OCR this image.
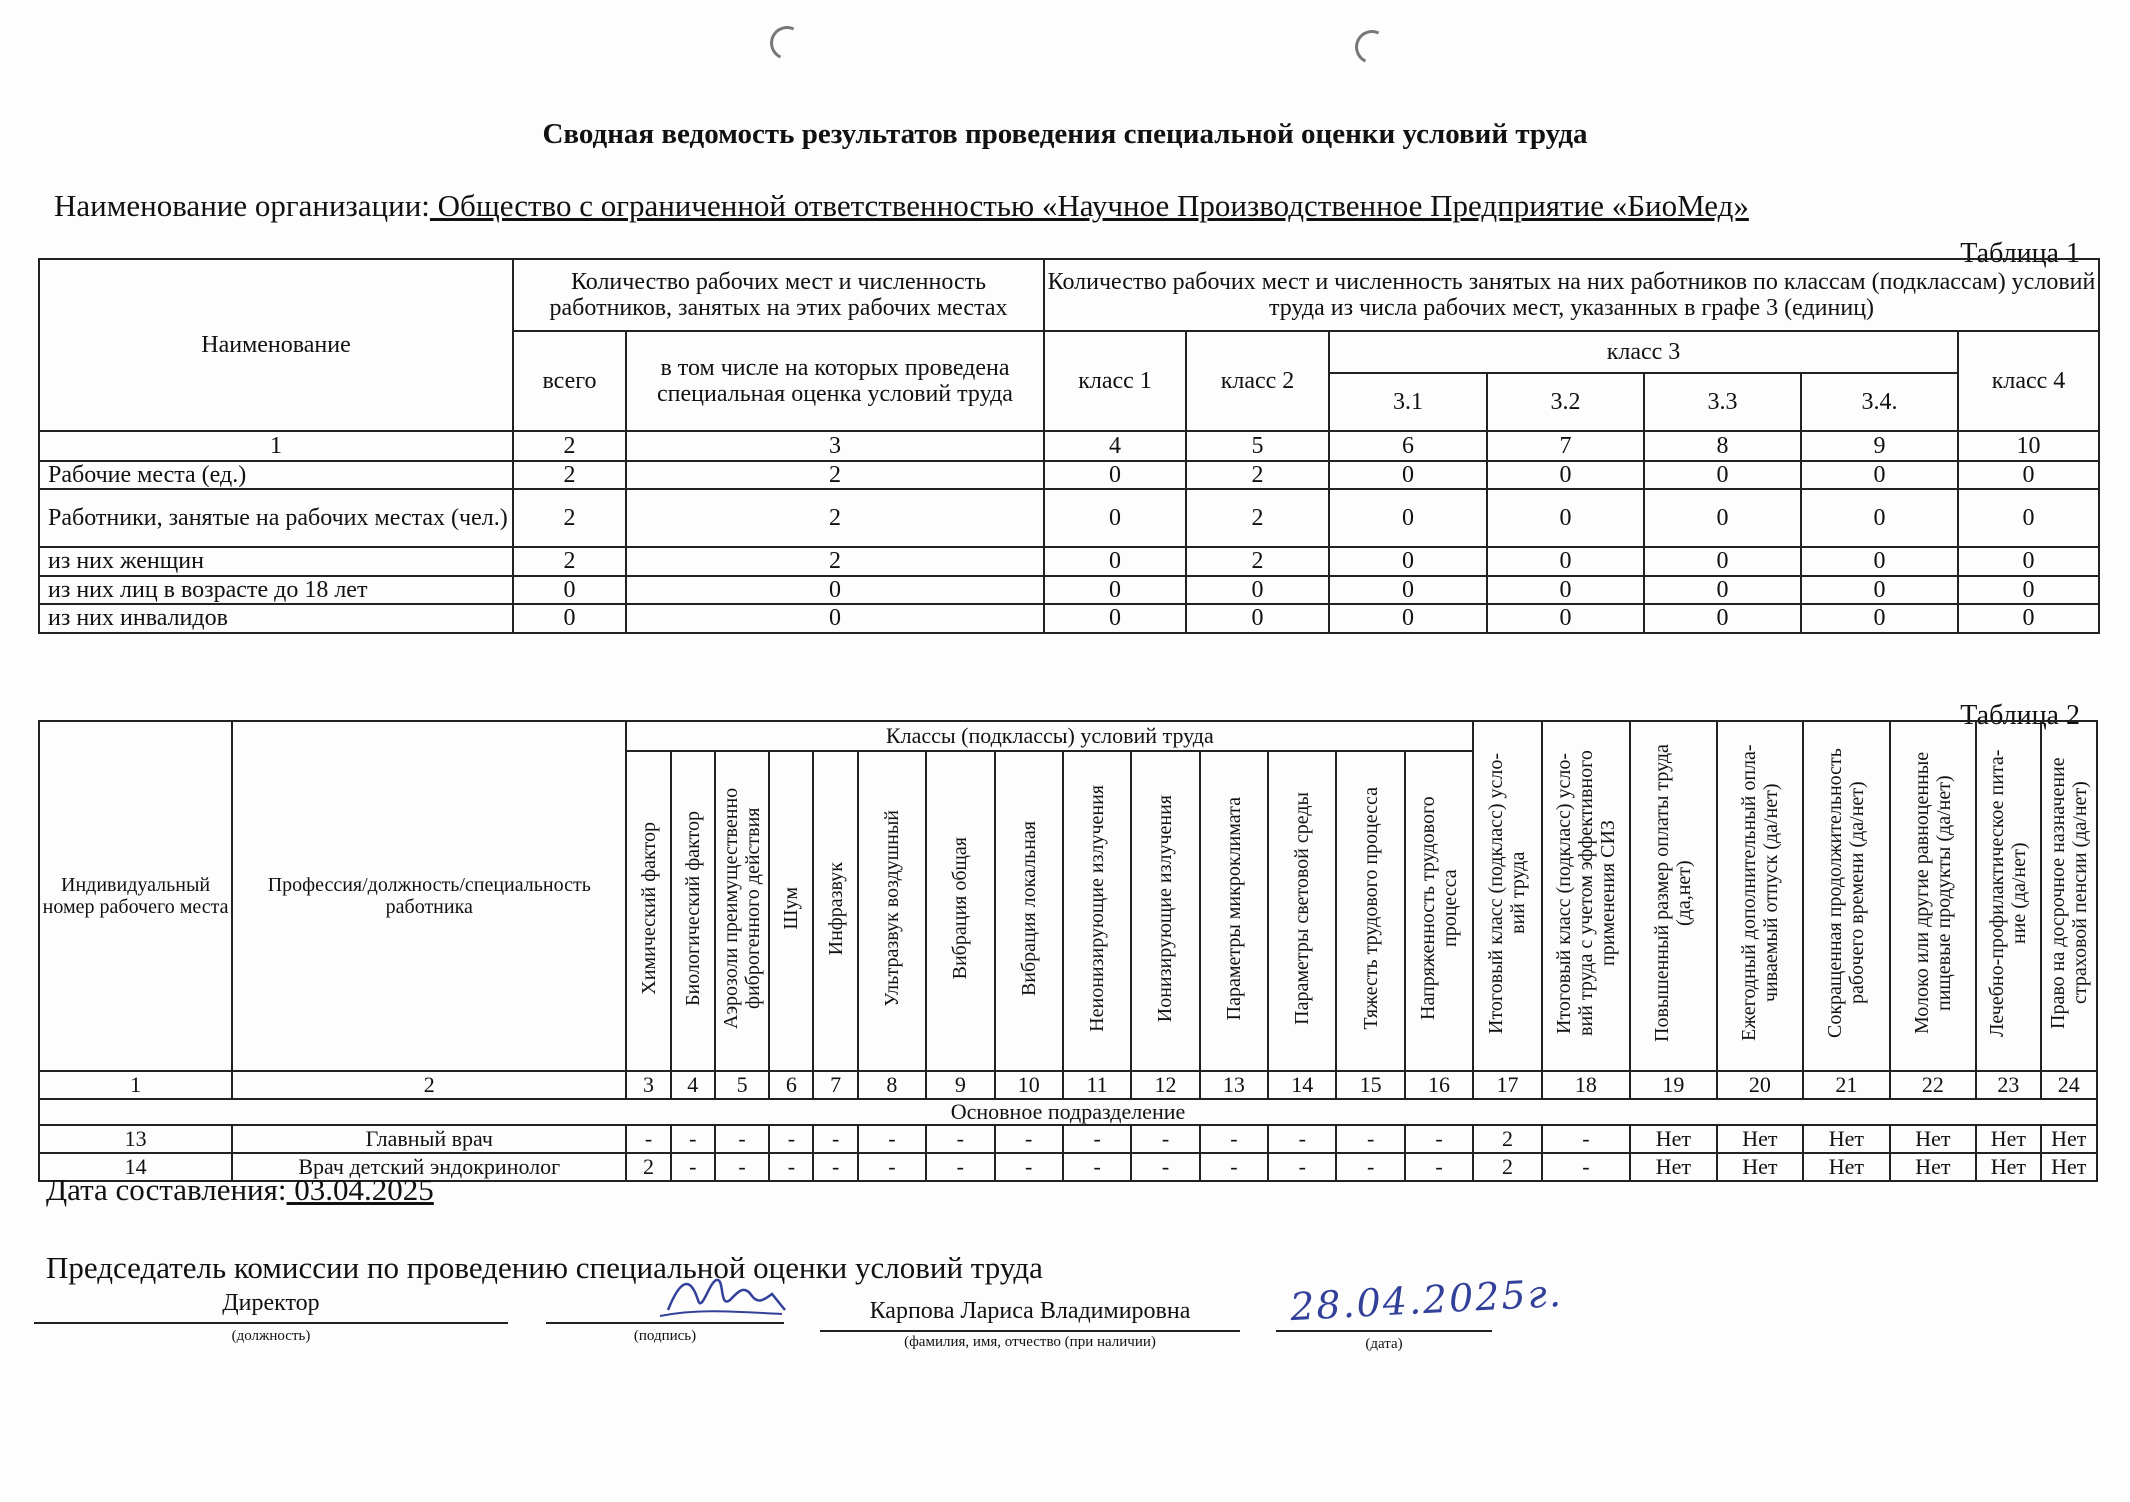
Сводная ведомость результатов проведения специальной оценки условий труда
Наименование организации: Общество с ограниченной ответственностью «Научное Производственное Предприятие «БиоМед»
Таблица 1
Наименование	Количество рабочих мест и численность работников, занятых на этих рабочих местах		Количество рабочих мест и численность занятых на них работников по классам (подклассам) условий труда из числа рабочих мест, указанных в графе 3 (единиц)						
	всего	в том числе на которых проведена специальная оценка условий труда	класс 1	класс 2	класс 3				класс 4
					3.1	3.2	3.3	3.4.	
1	2	3	4	5	6	7	8	9	10
Рабочие места (ед.)	2	2	0	2	0	0	0	0	0
Работники, занятые на рабочих местах (чел.)	2	2	0	2	0	0	0	0	0
из них женщин	2	2	0	2	0	0	0	0	0
из них лиц в возрасте до 18 лет	0	0	0	0	0	0	0	0	0
из них инвалидов	0	0	0	0	0	0	0	0	0
Таблица 2
Индивидуальный номер рабочего места	Профессия/должность/специальность работника	Классы (подклассы) условий труда														Итоговый класс (подкласс) усло-вий труда	Итоговый класс (подкласс) усло-вий труда с учетом эффективного применения СИЗ	Повышенный размер оплаты труда (да,нет)	Ежегодный дополнительный опла-чиваемый отпуск (да/нет)	Сокращенная продолжительность рабочего времени (да/нет)	Молоко или другие равноценные пищевые продукты (да/нет)	Лечебно-профилактическое пита-ние (да/нет)	Право на досрочное назначение страховой пенсии (да/нет)
		Химический фактор	Биологический фактор	Аэрозоли преимущественно фиброгенного действия	Шум	Инфразвук	Ультразвук воздушный	Вибрация общая	Вибрация локальная	Неионизирующие излучения	Ионизирующие излучения	Параметры микроклимата	Параметры световой среды	Тяжесть трудового процесса	Напряженность трудового процесса								
1	2	3	4	5	6	7	8	9	10	11	12	13	14	15	16	17	18	19	20	21	22	23	24
Основное подразделение																							
13	Главный врач	-	-	-	-	-	-	-	-	-	-	-	-	-	-	2	-	Нет	Нет	Нет	Нет	Нет	Нет
14	Врач детский эндокринолог	2	-	-	-	-	-	-	-	-	-	-	-	-	-	2	-	Нет	Нет	Нет	Нет	Нет	Нет
Дата составления: 03.04.2025
Председатель комиссии по проведению специальной оценки условий труда
Директор
(должность)	(подпись)
Карпова Лариса Владимировна
(фамилия, имя, отчество (при наличии)
28.04.2025г.
(дата)
